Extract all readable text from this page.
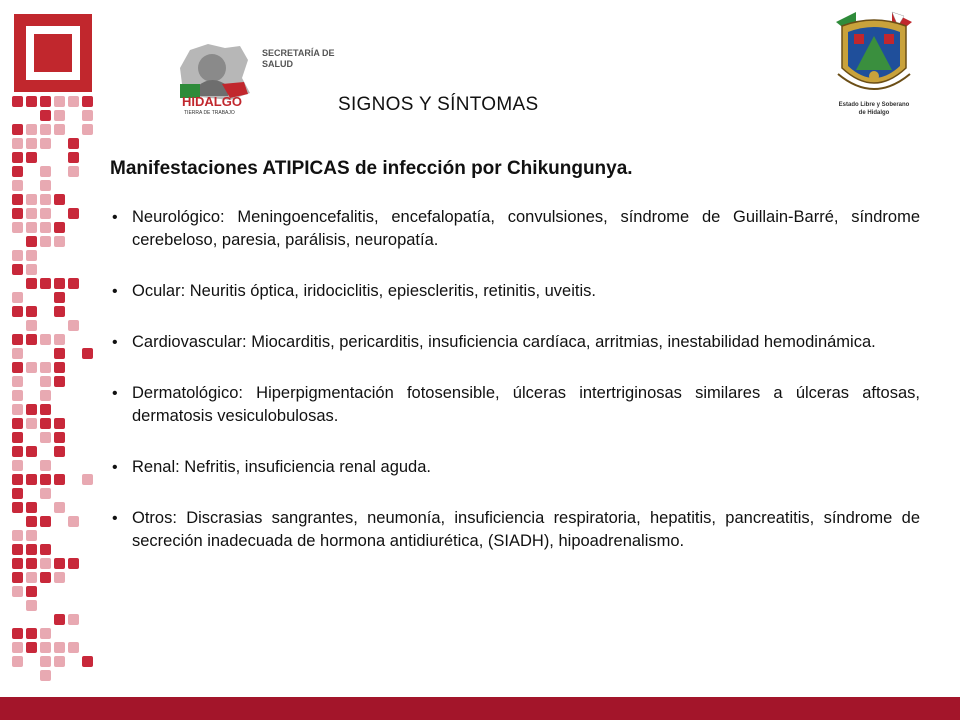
HIDALGO
TIERRA DE TRABAJO
SECRETARÍA DE
SALUD
Estado Libre y Soberano
de Hidalgo
SIGNOS Y SÍNTOMAS
Manifestaciones ATIPICAS de infección por Chikungunya.
• Neurológico: Meningoencefalitis, encefalopatía, convulsiones, síndrome de Guillain-Barré, síndrome cerebeloso, paresia, parálisis, neuropatía.
• Ocular: Neuritis óptica, iridociclitis, epiescleritis, retinitis, uveitis.
• Cardiovascular: Miocarditis, pericarditis, insuficiencia cardíaca, arritmias, inestabilidad hemodinámica.
• Dermatológico: Hiperpigmentación fotosensible, úlceras intertriginosas similares a úlceras aftosas, dermatosis vesiculobulosas.
• Renal: Nefritis, insuficiencia renal aguda.
• Otros: Discrasias sangrantes, neumonía, insuficiencia respiratoria, hepatitis, pancreatitis, síndrome de secreción inadecuada de hormona antidiurética, (SIADH), hipoadrenalismo.
